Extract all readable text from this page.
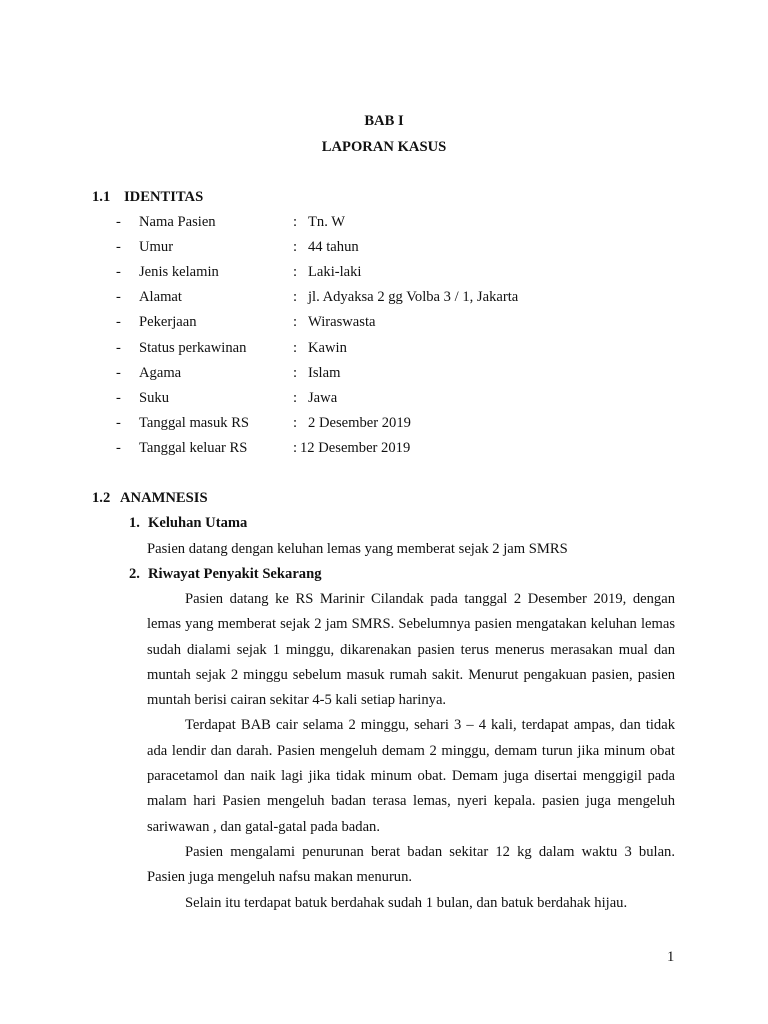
BAB I
LAPORAN KASUS
1.1 IDENTITAS
- Nama Pasien	: Tn. W
- Umur	: 44 tahun
- Jenis kelamin	: Laki-laki
- Alamat	: jl. Adyaksa 2 gg Volba 3 / 1, Jakarta
- Pekerjaan	: Wiraswasta
- Status perkawinan	: Kawin
- Agama	: Islam
- Suku	: Jawa
- Tanggal masuk RS	: 2 Desember 2019
- Tanggal keluar RS	: 12 Desember 2019
1.2 ANAMNESIS
1. Keluhan Utama
Pasien datang dengan keluhan lemas yang memberat sejak 2 jam SMRS
2. Riwayat Penyakit Sekarang

Pasien datang ke RS Marinir Cilandak pada tanggal 2 Desember 2019, dengan lemas yang memberat sejak 2 jam SMRS. Sebelumnya pasien mengatakan keluhan lemas sudah dialami sejak 1 minggu, dikarenakan pasien terus menerus merasakan mual dan muntah sejak 2 minggu sebelum masuk rumah sakit. Menurut pengakuan pasien, pasien muntah berisi cairan sekitar 4-5 kali setiap harinya.

Terdapat BAB cair selama 2 minggu, sehari 3 – 4 kali, terdapat ampas, dan tidak ada lendir dan darah. Pasien mengeluh demam 2 minggu, demam turun jika minum obat paracetamol dan naik lagi jika tidak minum obat. Demam juga disertai menggigil pada malam hari Pasien mengeluh badan terasa lemas, nyeri kepala. pasien juga mengeluh sariwawan , dan gatal-gatal pada badan.

Pasien mengalami penurunan berat badan sekitar 12 kg dalam waktu 3 bulan. Pasien juga mengeluh nafsu makan menurun.

Selain itu terdapat batuk berdahak sudah 1 bulan, dan batuk berdahak hijau.

1
